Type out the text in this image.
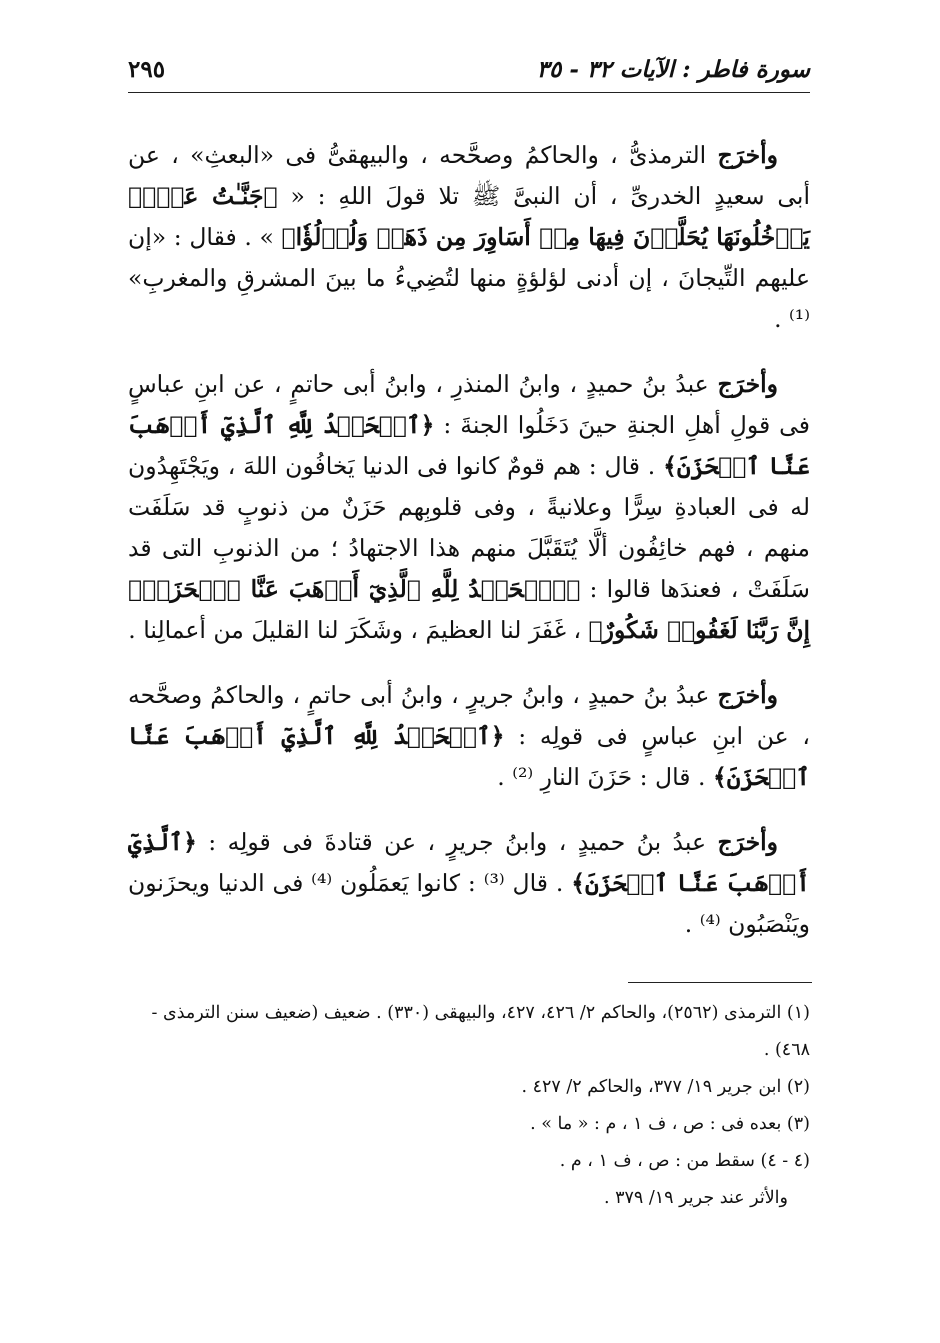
سورة فاطر : الآيات ٣٢ - ٣٥
٢٩٥

وأخرَج الترمذىُّ ، والحاكمُ وصحَّحه ، والبيهقىُّ فى «البعثِ» ، عن أبى سعيدٍ الخدرىِّ ، أن النبىَّ ﷺ تلا قولَ اللهِ : « ﴿جَنَّـٰتُ عَدۡنٖ يَدۡخُلُونَهَا يُحَلَّوۡنَ فِيهَا مِنۡ أَسَاوِرَ مِن ذَهَبٖ وَلُؤۡلُؤٗا﴾ » . فقال : «إن عليهم التِّيجانَ ، إن أدنى لؤلؤةٍ منها لتُضِيءُ ما بينَ المشرقِ والمغربِ» ⁽¹⁾ .

وأخرَج عبدُ بنُ حميدٍ ، وابنُ المنذرِ ، وابنُ أبى حاتمٍ ، عن ابنِ عباسٍ فى قولِ أهلِ الجنةِ حينَ دَخَلُوا الجنةَ : ﴿ٱلۡحَمۡدُ لِلَّهِ ٱلَّذِيٓ أَذۡهَبَ عَنَّا ٱلۡحَزَنَ﴾ . قال : هم قومٌ كانوا فى الدنيا يَخافُون اللهَ ، ويَجْتَهِدُون له فى العبادةِ سِرًّا وعلانيةً ، وفى قلوبِهم حَزَنٌ من ذنوبٍ قد سَلَفَت منهم ، فهم خائِفُون ألَّا يُتَقَبَّلَ منهم هذا الاجتهادُ ؛ من الذنوبِ التى قد سَلَفَتْ ، فعندَها قالوا : ﴿ٱلۡحَمۡدُ لِلَّهِ ٱلَّذِيٓ أَذۡهَبَ عَنَّا ٱلۡحَزَنَۖ إِنَّ رَبَّنَا لَغَفُورٞ شَكُورٌ﴾ ، غَفَرَ لنا العظيمَ ، وشَكَرَ لنا القليلَ من أعمالِنا .

وأخرَج عبدُ بنُ حميدٍ ، وابنُ جريرٍ ، وابنُ أبى حاتمٍ ، والحاكمُ وصحَّحه ، عن ابنِ عباسٍ فى قولِه : ﴿ٱلۡحَمۡدُ لِلَّهِ ٱلَّذِيٓ أَذۡهَبَ عَنَّا ٱلۡحَزَنَ﴾ . قال : حَزَنَ النارِ ⁽²⁾ .

وأخرَج عبدُ بنُ حميدٍ ، وابنُ جريرٍ ، عن قتادةَ فى قولِه : ﴿ٱلَّذِيٓ أَذۡهَبَ عَنَّا ٱلۡحَزَنَ﴾ . قال ⁽³⁾ : كانوا يَعمَلُون ⁽⁴⁾ فى الدنيا ويحزَنون ويَنْصَبُون ⁽⁴⁾ .

(١) الترمذى (٢٥٦٢)، والحاكم ٢/ ٤٢٦، ٤٢٧، والبيهقى (٣٣٠) . ضعيف (ضعيف سنن الترمذى - ٤٦٨) .

(٢) ابن جرير ١٩/ ٣٧٧، والحاكم ٢/ ٤٢٧ .

(٣) بعده فى : ص ، ف ١ ، م : « ما » .

(٤ - ٤) سقط من : ص ، ف ١ ، م .

والأثر عند جرير ١٩/ ٣٧٩ .
